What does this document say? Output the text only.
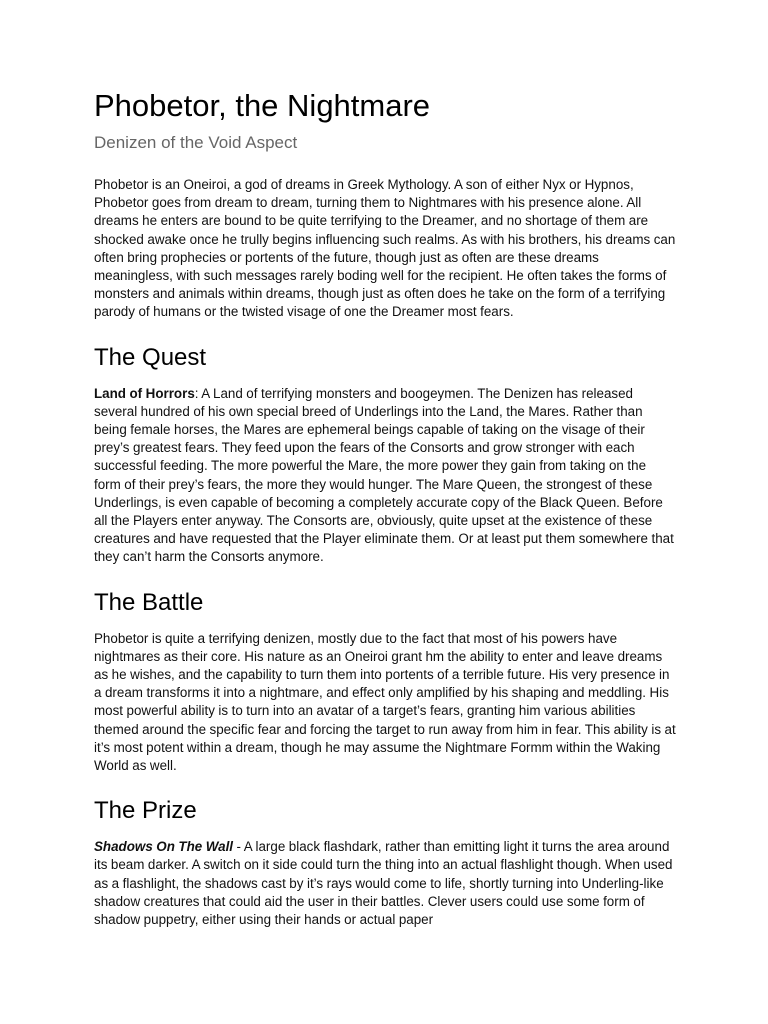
Phobetor, the Nightmare
Denizen of the Void Aspect

Phobetor is an Oneiroi, a god of dreams in Greek Mythology. A son of either Nyx or Hypnos, Phobetor goes from dream to dream, turning them to Nightmares with his presence alone. All dreams he enters are bound to be quite terrifying to the Dreamer, and no shortage of them are shocked awake once he trully begins influencing such realms. As with his brothers, his dreams can often bring prophecies or portents of the future, though just as often are these dreams meaningless, with such messages rarely boding well for the recipient. He often takes the forms of monsters and animals within dreams, though just as often does he take on the form of a terrifying parody of humans or the twisted visage of one the Dreamer most fears.

The Quest

Land of Horrors: A Land of terrifying monsters and boogeymen. The Denizen has released several hundred of his own special breed of Underlings into the Land, the Mares. Rather than being female horses, the Mares are ephemeral beings capable of taking on the visage of their prey’s greatest fears. They feed upon the fears of the Consorts and grow stronger with each successful feeding. The more powerful the Mare, the more power they gain from taking on the form of their prey’s fears, the more they would hunger. The Mare Queen, the strongest of these Underlings, is even capable of becoming a completely accurate copy of the Black Queen. Before all the Players enter anyway. The Consorts are, obviously, quite upset at the existence of these creatures and have requested that the Player eliminate them. Or at least put them somewhere that they can’t harm the Consorts anymore.

The Battle

Phobetor is quite a terrifying denizen, mostly due to the fact that most of his powers have nightmares as their core. His nature as an Oneiroi grant hm the ability to enter and leave dreams as he wishes, and the capability to turn them into portents of a terrible future. His very presence in a dream transforms it into a nightmare, and effect only amplified by his shaping and meddling. His most powerful ability is to turn into an avatar of a target’s fears, granting him various abilities themed around the specific fear and forcing the target to run away from him in fear. This ability is at it’s most potent within a dream, though he may assume the Nightmare Formm within the Waking World as well.

The Prize

Shadows On The Wall - A large black flashdark, rather than emitting light it turns the area around its beam darker. A switch on it side could turn the thing into an actual flashlight though. When used as a flashlight, the shadows cast by it’s rays would come to life, shortly turning into Underling-like shadow creatures that could aid the user in their battles. Clever users could use some form of shadow puppetry, either using their hands or actual paper
